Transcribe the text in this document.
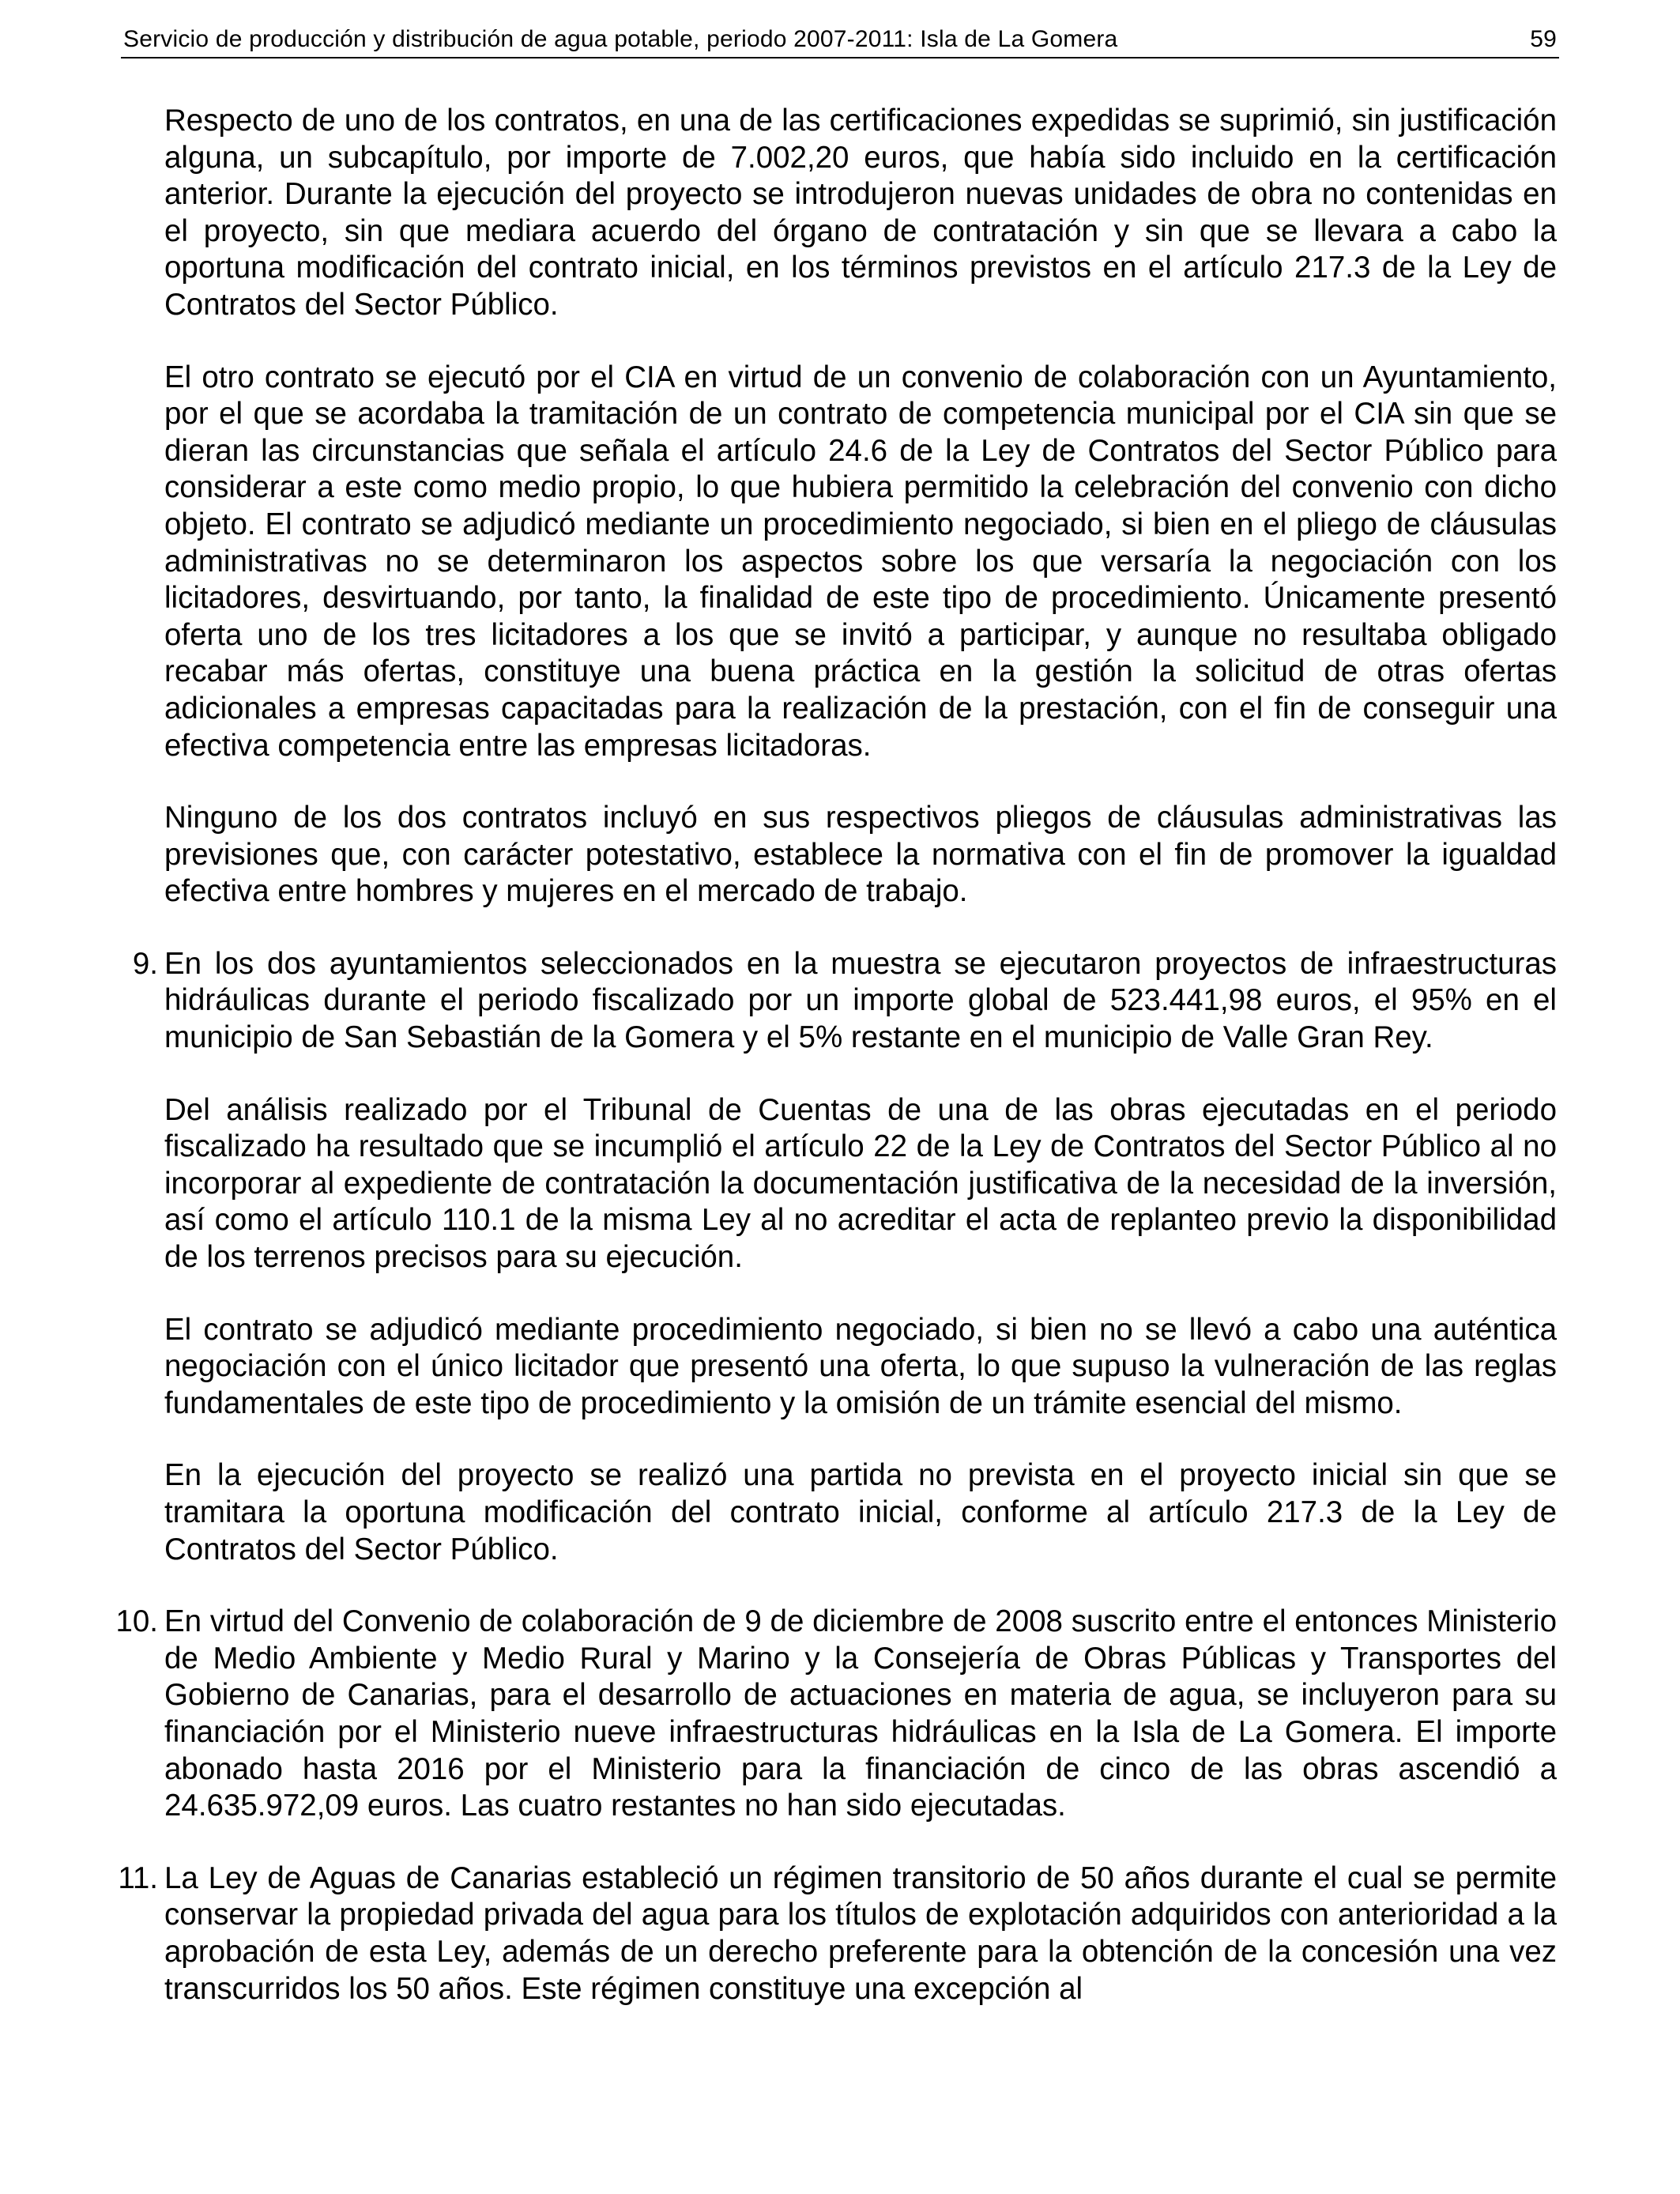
Servicio de producción y distribución de agua potable, periodo 2007-2011: Isla de La Gomera	59

Respecto de uno de los contratos, en una de las certificaciones expedidas se suprimió, sin justificación alguna, un subcapítulo, por importe de 7.002,20 euros, que había sido incluido en la certificación anterior. Durante la ejecución del proyecto se introdujeron nuevas unidades de obra no contenidas en el proyecto, sin que mediara acuerdo del órgano de contratación y sin que se llevara a cabo la oportuna modificación del contrato inicial, en los términos previstos en el artículo 217.3 de la Ley de Contratos del Sector Público.

El otro contrato se ejecutó por el CIA en virtud de un convenio de colaboración con un Ayuntamiento, por el que se acordaba la tramitación de un contrato de competencia municipal por el CIA sin que se dieran las circunstancias que señala el artículo 24.6 de la Ley de Contratos del Sector Público para considerar a este como medio propio, lo que hubiera permitido la celebración del convenio con dicho objeto. El contrato se adjudicó mediante un procedimiento negociado, si bien en el pliego de cláusulas administrativas no se determinaron los aspectos sobre los que versaría la negociación con los licitadores, desvirtuando, por tanto, la finalidad de este tipo de procedimiento. Únicamente presentó oferta uno de los tres licitadores a los que se invitó a participar, y aunque no resultaba obligado recabar más ofertas, constituye una buena práctica en la gestión la solicitud de otras ofertas adicionales a empresas capacitadas para la realización de la prestación, con el fin de conseguir una efectiva competencia entre las empresas licitadoras.

Ninguno de los dos contratos incluyó en sus respectivos pliegos de cláusulas administrativas las previsiones que, con carácter potestativo, establece la normativa con el fin de promover la igualdad efectiva entre hombres y mujeres en el mercado de trabajo.

9. En los dos ayuntamientos seleccionados en la muestra se ejecutaron proyectos de infraestructuras hidráulicas durante el periodo fiscalizado por un importe global de 523.441,98 euros, el 95% en el municipio de San Sebastián de la Gomera y el 5% restante en el municipio de Valle Gran Rey.

Del análisis realizado por el Tribunal de Cuentas de una de las obras ejecutadas en el periodo fiscalizado ha resultado que se incumplió el artículo 22 de la Ley de Contratos del Sector Público al no incorporar al expediente de contratación la documentación justificativa de la necesidad de la inversión, así como el artículo 110.1 de la misma Ley al no acreditar el acta de replanteo previo la disponibilidad de los terrenos precisos para su ejecución.

El contrato se adjudicó mediante procedimiento negociado, si bien no se llevó a cabo una auténtica negociación con el único licitador que presentó una oferta, lo que supuso la vulneración de las reglas fundamentales de este tipo de procedimiento y la omisión de un trámite esencial del mismo.

En la ejecución del proyecto se realizó una partida no prevista en el proyecto inicial sin que se tramitara la oportuna modificación del contrato inicial, conforme al artículo 217.3 de la Ley de Contratos del Sector Público.

10. En virtud del Convenio de colaboración de 9 de diciembre de 2008 suscrito entre el entonces Ministerio de Medio Ambiente y Medio Rural y Marino y la Consejería de Obras Públicas y Transportes del Gobierno de Canarias, para el desarrollo de actuaciones en materia de agua, se incluyeron para su financiación por el Ministerio nueve infraestructuras hidráulicas en la Isla de La Gomera. El importe abonado hasta 2016 por el Ministerio para la financiación de cinco de las obras ascendió a 24.635.972,09 euros. Las cuatro restantes no han sido ejecutadas.

11. La Ley de Aguas de Canarias estableció un régimen transitorio de 50 años durante el cual se permite conservar la propiedad privada del agua para los títulos de explotación adquiridos con anterioridad a la aprobación de esta Ley, además de un derecho preferente para la obtención de la concesión una vez transcurridos los 50 años. Este régimen constituye una excepción al
